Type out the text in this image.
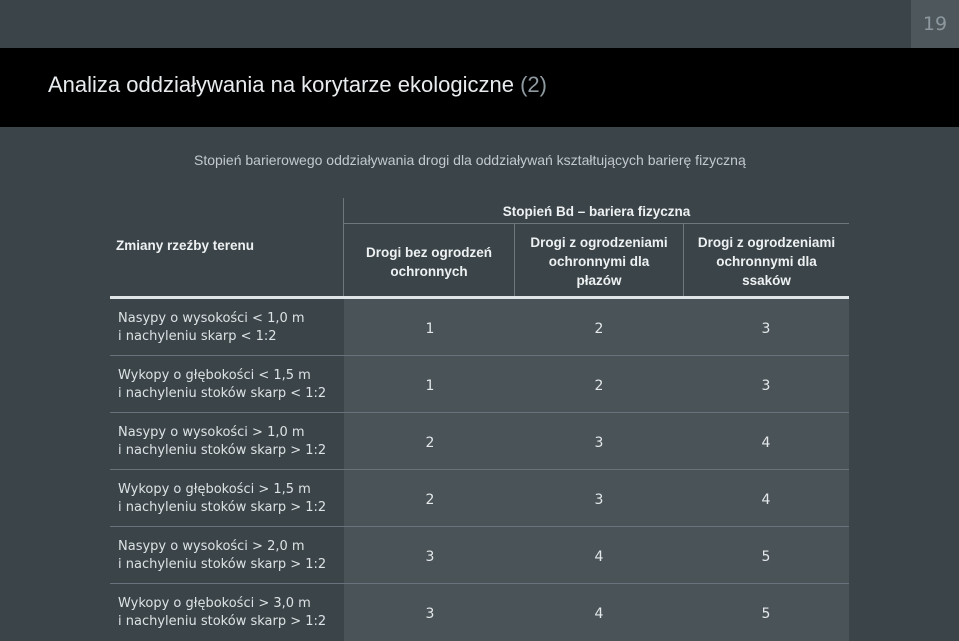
19
Analiza oddziaływania na korytarze ekologiczne (2)
Stopień barierowego oddziaływania drogi dla oddziaływań kształtujących barierę fizyczną
Zmiany rzeźby terenu
Stopień Bd – bariera fizyczna
Drogi bez ogrodzeń
ochronnych
Drogi z ogrodzeniami
ochronnymi dla
płazów
Drogi z ogrodzeniami
ochronnymi dla
ssaków
Nasypy o wysokości < 1,0 m
i nachyleniu skarp < 1:2	1	2	3
Wykopy o głębokości < 1,5 m
i nachyleniu stoków skarp < 1:2	1	2	3
Nasypy o wysokości > 1,0 m
i nachyleniu stoków skarp > 1:2	2	3	4
Wykopy o głębokości > 1,5 m
i nachyleniu stoków skarp > 1:2	2	3	4
Nasypy o wysokości > 2,0 m
i nachyleniu stoków skarp > 1:2	3	4	5
Wykopy o głębokości > 3,0 m
i nachyleniu stoków skarp > 1:2	3	4	5
